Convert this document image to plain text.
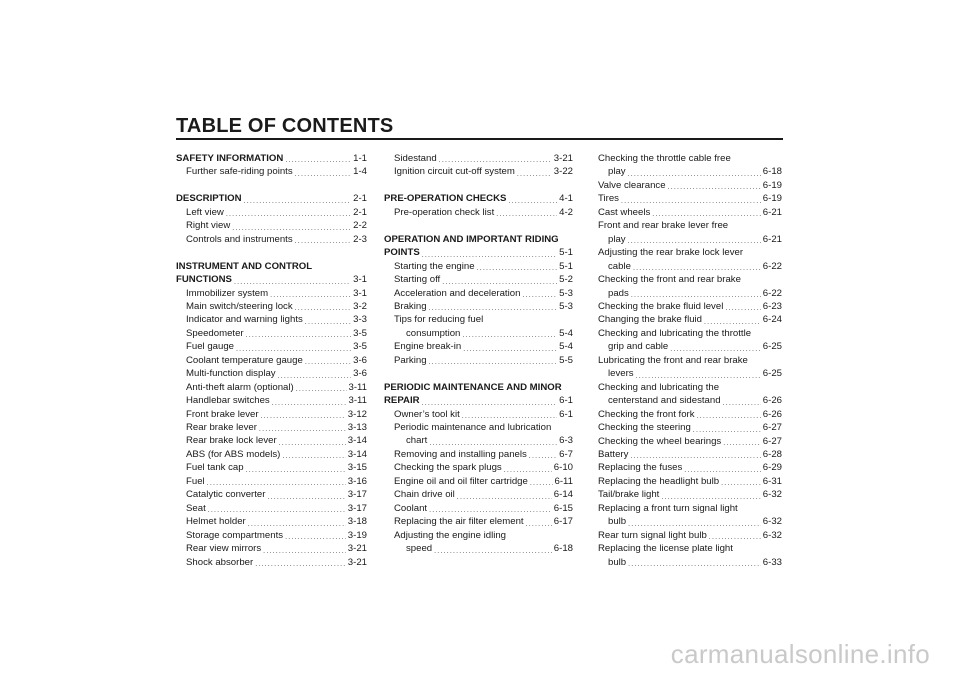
TABLE OF CONTENTS
SAFETY INFORMATION .....	1-1
Further safe-riding points .....	1-4
DESCRIPTION .....	2-1
Left view .....	2-1
Right view .....	2-2
Controls and instruments .....	2-3
INSTRUMENT AND CONTROL
FUNCTIONS .....	3-1
Immobilizer system .....	3-1
Main switch/steering lock .....	3-2
Indicator and warning lights .....	3-3
Speedometer .....	3-5
Fuel gauge .....	3-5
Coolant temperature gauge .....	3-6
Multi-function display .....	3-6
Anti-theft alarm (optional) .....	3-11
Handlebar switches .....	3-11
Front brake lever .....	3-12
Rear brake lever .....	3-13
Rear brake lock lever .....	3-14
ABS (for ABS models) .....	3-14
Fuel tank cap .....	3-15
Fuel .....	3-16
Catalytic converter .....	3-17
Seat .....	3-17
Helmet holder .....	3-18
Storage compartments .....	3-19
Rear view mirrors .....	3-21
Shock absorber .....	3-21
Sidestand .....	3-21
Ignition circuit cut-off system .....	3-22
PRE-OPERATION CHECKS .....	4-1
Pre-operation check list .....	4-2
OPERATION AND IMPORTANT RIDING
POINTS .....	5-1
Starting the engine .....	5-1
Starting off .....	5-2
Acceleration and deceleration .....	5-3
Braking .....	5-3
Tips for reducing fuel
consumption .....	5-4
Engine break-in .....	5-4
Parking .....	5-5
PERIODIC MAINTENANCE AND MINOR
REPAIR .....	6-1
Owner’s tool kit .....	6-1
Periodic maintenance and lubrication
chart .....	6-3
Removing and installing panels .....	6-7
Checking the spark plugs .....	6-10
Engine oil and oil filter cartridge .....	6-11
Chain drive oil .....	6-14
Coolant .....	6-15
Replacing the air filter element .....	6-17
Adjusting the engine idling
speed .....	6-18
Checking the throttle cable free
play .....	6-18
Valve clearance .....	6-19
Tires .....	6-19
Cast wheels .....	6-21
Front and rear brake lever free
play .....	6-21
Adjusting the rear brake lock lever
cable .....	6-22
Checking the front and rear brake
pads .....	6-22
Checking the brake fluid level .....	6-23
Changing the brake fluid .....	6-24
Checking and lubricating the throttle
grip and cable .....	6-25
Lubricating the front and rear brake
levers .....	6-25
Checking and lubricating the
centerstand and sidestand .....	6-26
Checking the front fork .....	6-26
Checking the steering .....	6-27
Checking the wheel bearings .....	6-27
Battery .....	6-28
Replacing the fuses .....	6-29
Replacing the headlight bulb .....	6-31
Tail/brake light .....	6-32
Replacing a front turn signal light
bulb .....	6-32
Rear turn signal light bulb .....	6-32
Replacing the license plate light
bulb .....	6-33
carmanualsonline.info
